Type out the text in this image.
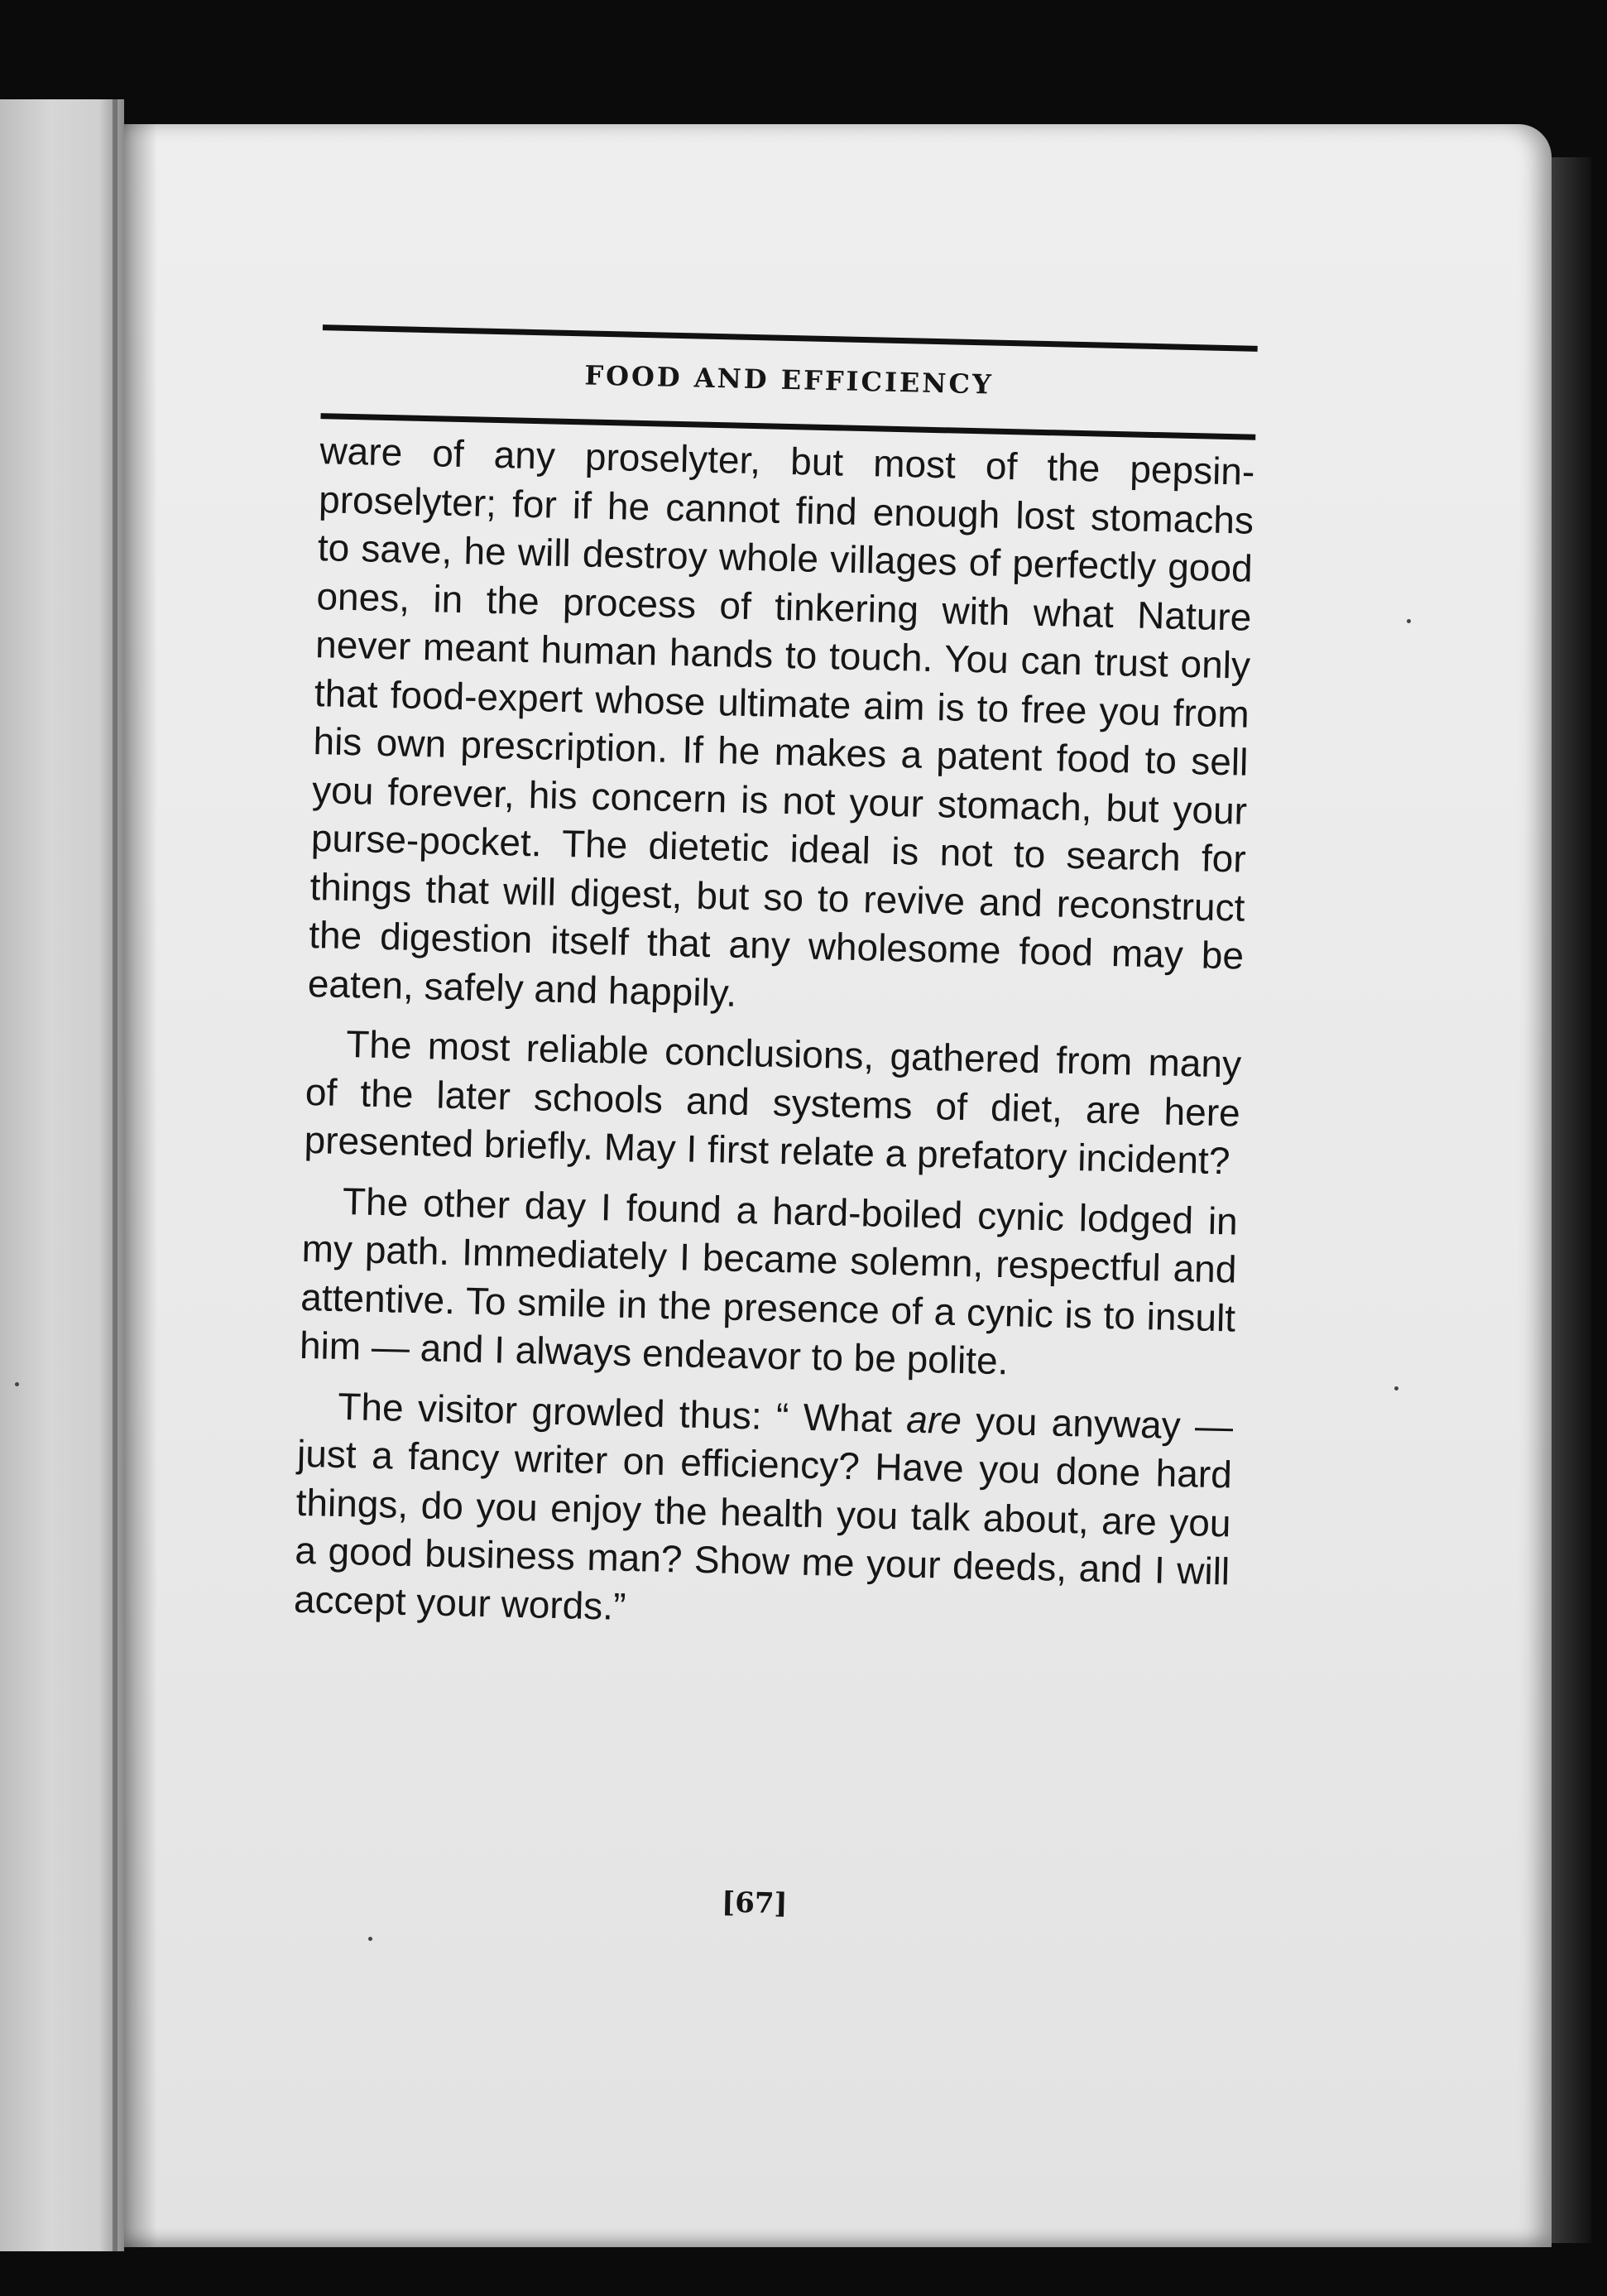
FOOD AND EFFICIENCY

ware of any proselyter, but most of the pepsin-proselyter; for if he cannot find enough lost stomachs to save, he will destroy whole villages of perfectly good ones, in the process of tinkering with what Nature never meant human hands to touch. You can trust only that food-expert whose ultimate aim is to free you from his own prescription. If he makes a patent food to sell you forever, his concern is not your stomach, but your purse-pocket. The dietetic ideal is not to search for things that will digest, but so to revive and reconstruct the digestion itself that any wholesome food may be eaten, safely and happily.

The most reliable conclusions, gathered from many of the later schools and systems of diet, are here presented briefly. May I first relate a prefatory incident?

The other day I found a hard-boiled cynic lodged in my path. Immediately I became solemn, respectful and attentive. To smile in the presence of a cynic is to insult him — and I always endeavor to be polite.

The visitor growled thus: “ What are you anyway — just a fancy writer on efficiency? Have you done hard things, do you enjoy the health you talk about, are you a good business man? Show me your deeds, and I will accept your words.”

[67]
